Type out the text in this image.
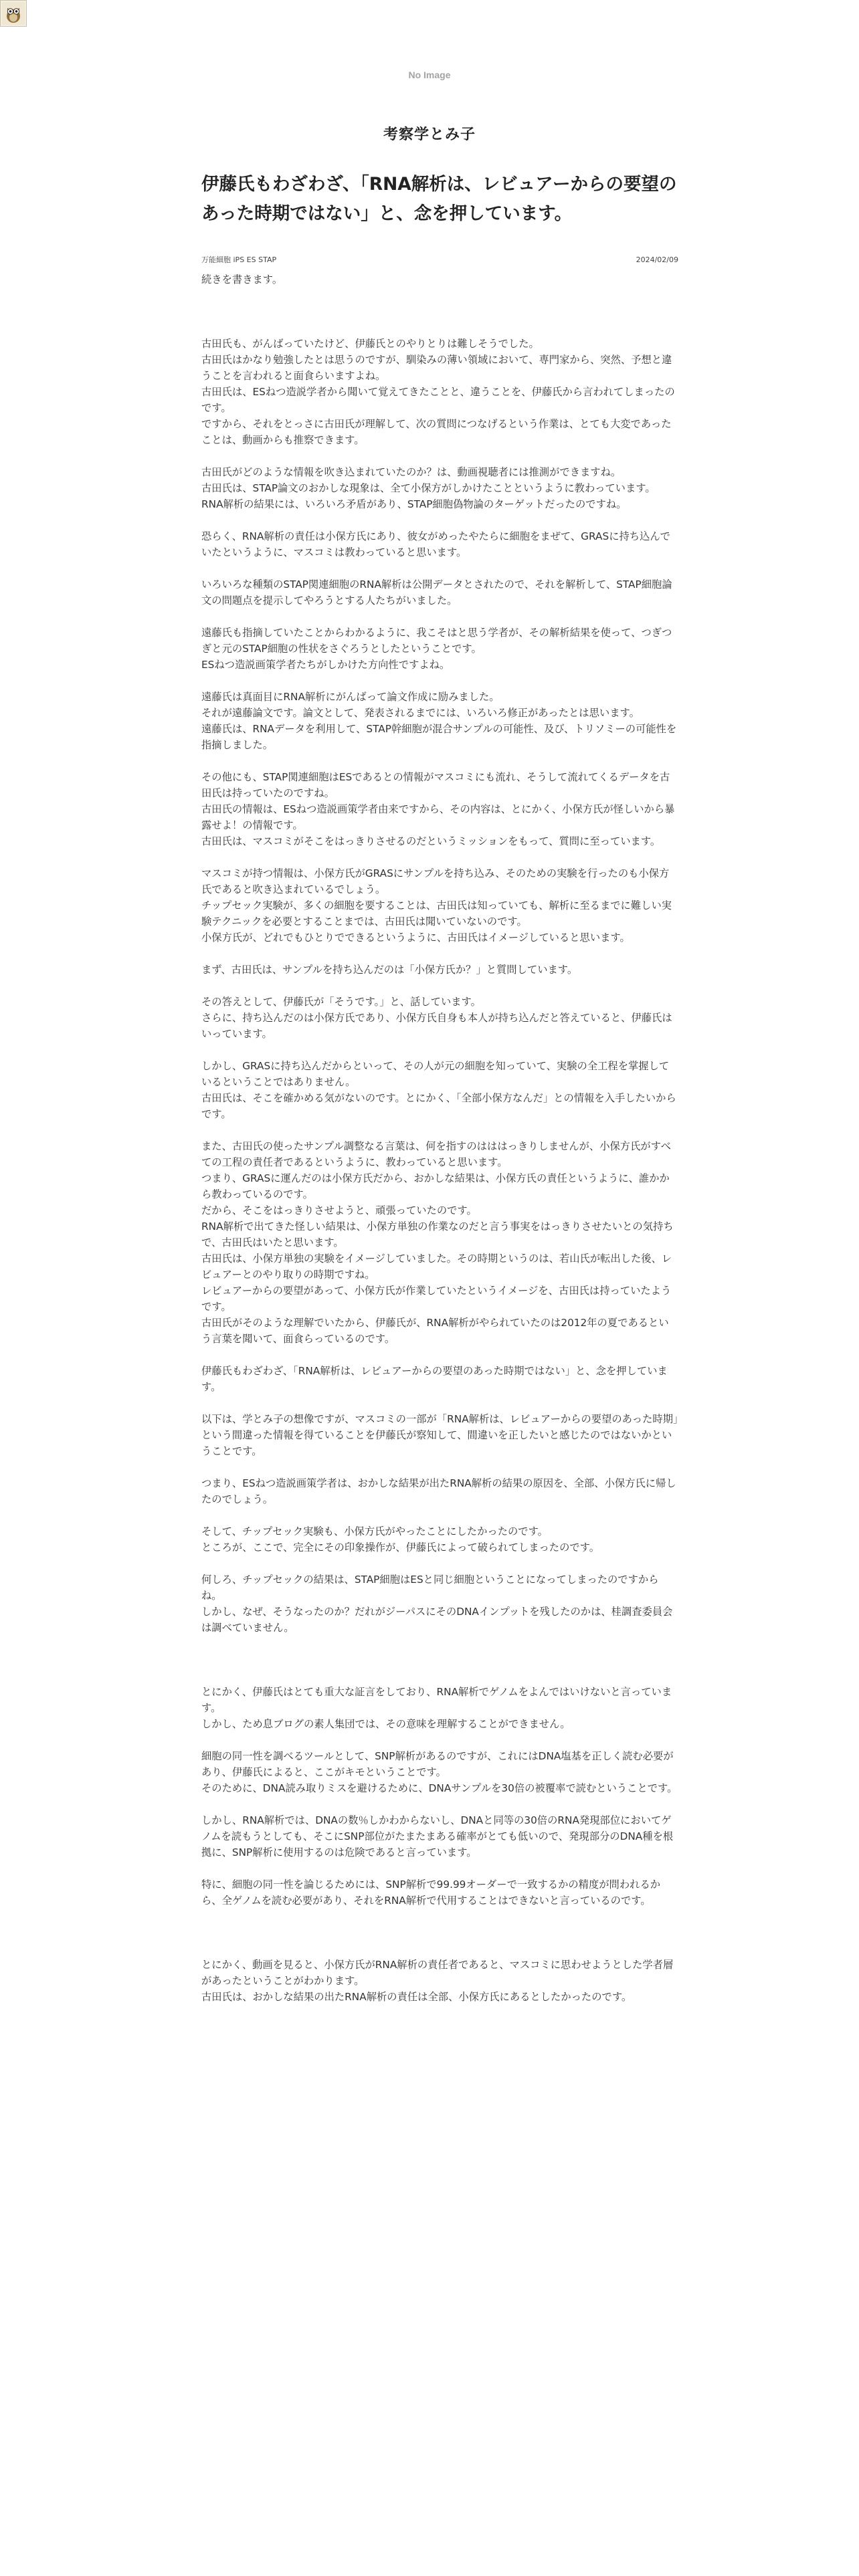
No Image
考察学とみ子
伊藤氏もわざわざ、「RNA解析は、レビュアーからの要望のあった時期ではない」と、念を押しています。
万能細胞 iPS ES STAP	2024/02/09

続きを書きます。

古田氏も、がんばっていたけど、伊藤氏とのやりとりは難しそうでした。
古田氏はかなり勉強したとは思うのですが、馴染みの薄い領域において、専門家から、突然、予想と違うことを言われると面食らいますよね。
古田氏は、ESねつ造説学者から聞いて覚えてきたことと、違うことを、伊藤氏から言われてしまったのです。
ですから、それをとっさに古田氏が理解して、次の質問につなげるという作業は、とても大変であったことは、動画からも推察できます。

古田氏がどのような情報を吹き込まれていたのか？は、動画視聴者には推測ができますね。
古田氏は、STAP論文のおかしな現象は、全て小保方がしかけたことというように教わっています。
RNA解析の結果には、いろいろ矛盾があり、STAP細胞偽物論のターゲットだったのですね。

恐らく、RNA解析の責任は小保方氏にあり、彼女がめったやたらに細胞をまぜて、GRASに持ち込んでいたというように、マスコミは教わっていると思います。

いろいろな種類のSTAP関連細胞のRNA解析は公開データとされたので、それを解析して、STAP細胞論文の問題点を提示してやろうとする人たちがいました。

遠藤氏も指摘していたことからわかるように、我こそはと思う学者が、その解析結果を使って、つぎつぎと元のSTAP細胞の性状をさぐろうとしたということです。
ESねつ造説画策学者たちがしかけた方向性ですよね。

遠藤氏は真面目にRNA解析にがんばって論文作成に励みました。
それが遠藤論文です。論文として、発表されるまでには、いろいろ修正があったとは思います。
遠藤氏は、RNAデータを利用して、STAP幹細胞が混合サンプルの可能性、及び、トリソミーの可能性を指摘しました。

その他にも、STAP関連細胞はESであるとの情報がマスコミにも流れ、そうして流れてくるデータを古田氏は持っていたのですね。
古田氏の情報は、ESねつ造説画策学者由来ですから、その内容は、とにかく、小保方氏が怪しいから暴露せよ！の情報です。
古田氏は、マスコミがそこをはっきりさせるのだというミッションをもって、質問に至っています。

マスコミが持つ情報は、小保方氏がGRASにサンプルを持ち込み、そのための実験を行ったのも小保方氏であると吹き込まれているでしょう。
チップセック実験が、多くの細胞を要することは、古田氏は知っていても、解析に至るまでに難しい実験テクニックを必要とすることまでは、古田氏は聞いていないのです。
小保方氏が、どれでもひとりでできるというように、古田氏はイメージしていると思います。

まず、古田氏は、サンプルを持ち込んだのは「小保方氏か？」と質問しています。

その答えとして、伊藤氏が「そうです。」と、話しています。
さらに、持ち込んだのは小保方氏であり、小保方氏自身も本人が持ち込んだと答えていると、伊藤氏はいっています。

しかし、GRASに持ち込んだからといって、その人が元の細胞を知っていて、実験の全工程を掌握しているということではありません。
古田氏は、そこを確かめる気がないのです。とにかく、「全部小保方なんだ」との情報を入手したいからです。

また、古田氏の使ったサンプル調整なる言葉は、何を指すのはははっきりしませんが、小保方氏がすべての工程の責任者であるというように、教わっていると思います。
つまり、GRASに運んだのは小保方氏だから、おかしな結果は、小保方氏の責任というように、誰かから教わっているのです。
だから、そこをはっきりさせようと、頑張っていたのです。
RNA解析で出てきた怪しい結果は、小保方単独の作業なのだと言う事実をはっきりさせたいとの気持ちで、古田氏はいたと思います。
古田氏は、小保方単独の実験をイメージしていました。その時期というのは、若山氏が転出した後、レビュアーとのやり取りの時期ですね。
レビュアーからの要望があって、小保方氏が作業していたというイメージを、古田氏は持っていたようです。
古田氏がそのような理解でいたから、伊藤氏が、RNA解析がやられていたのは2012年の夏であるという言葉を聞いて、面食らっているのです。

伊藤氏もわざわざ、「RNA解析は、レビュアーからの要望のあった時期ではない」と、念を押しています。

以下は、学とみ子の想像ですが、マスコミの一部が「RNA解析は、レビュアーからの要望のあった時期」という間違った情報を得ていることを伊藤氏が察知して、間違いを正したいと感じたのではないかということです。

つまり、ESねつ造説画策学者は、おかしな結果が出たRNA解析の結果の原因を、全部、小保方氏に帰したのでしょう。

そして、チップセック実験も、小保方氏がやったことにしたかったのです。
ところが、ここで、完全にその印象操作が、伊藤氏によって破られてしまったのです。

何しろ、チップセックの結果は、STAP細胞はESと同じ細胞ということになってしまったのですからね。
しかし、なぜ、そうなったのか？だれがジーパスにそのDNAインプットを残したのかは、桂調査委員会は調べていません。

とにかく、伊藤氏はとても重大な証言をしており、RNA解析でゲノムをよんではいけないと言っています。
しかし、ため息ブログの素人集団では、その意味を理解することができません。

細胞の同一性を調べるツールとして、SNP解析があるのですが、これにはDNA塩基を正しく読む必要があり、伊藤氏によると、ここがキモということです。
そのために、DNA読み取りミスを避けるために、DNAサンプルを30倍の被覆率で読むということです。

しかし、RNA解析では、DNAの数％しかわからないし、DNAと同等の30倍のRNA発現部位においてゲノムを読もうとしても、そこにSNP部位がたまたまある確率がとても低いので、発現部分のDNA種を根拠に、SNP解析に使用するのは危険であると言っています。

特に、細胞の同一性を論じるためには、SNP解析で99.99オーダーで一致するかの精度が問われるから、全ゲノムを読む必要があり、それをRNA解析で代用することはできないと言っているのです。

とにかく、動画を見ると、小保方氏がRNA解析の責任者であると、マスコミに思わせようとした学者層があったということがわかります。
古田氏は、おかしな結果の出たRNA解析の責任は全部、小保方氏にあるとしたかったのです。
